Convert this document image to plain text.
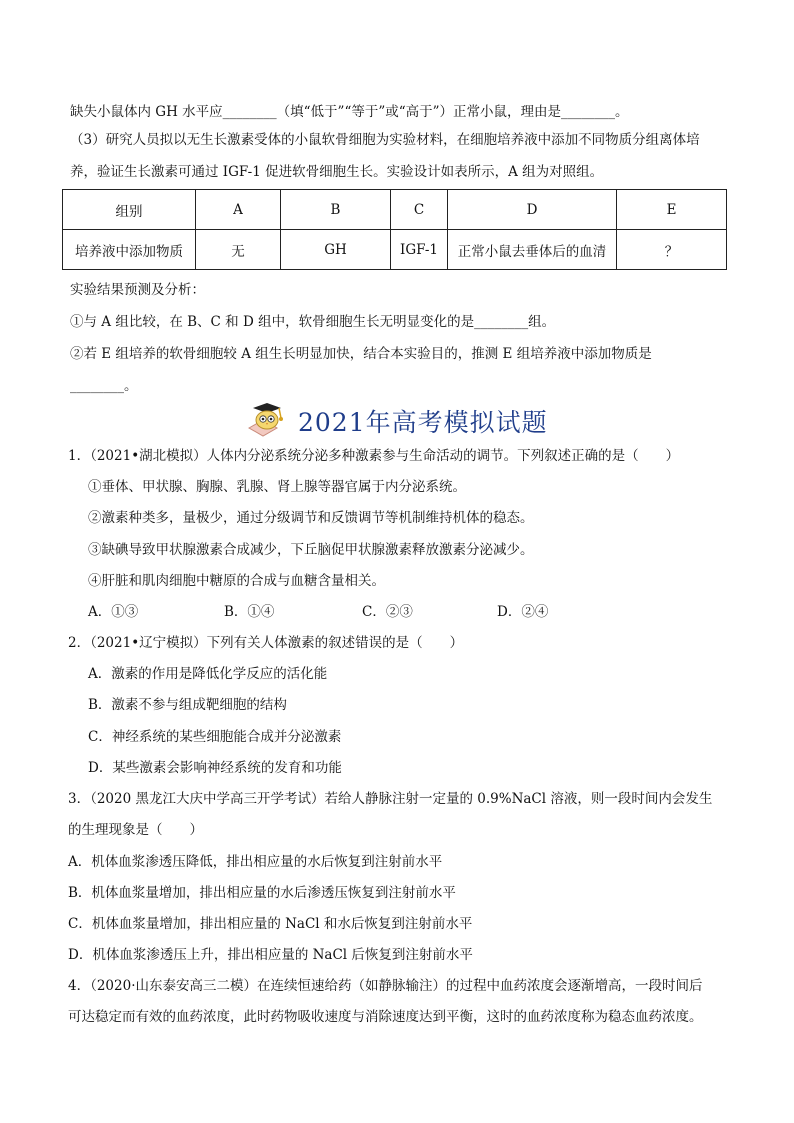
缺失小鼠体内 GH 水平应________（填“低于”“等于”或“高于”）正常小鼠，理由是________。
（3）研究人员拟以无生长激素受体的小鼠软骨细胞为实验材料，在细胞培养液中添加不同物质分组离体培
养，验证生长激素可通过 IGF-1 促进软骨细胞生长。实验设计如表所示，A 组为对照组。
组别	A	B	C	D	E
培养液中添加物质	无	GH	IGF-1	正常小鼠去垂体后的血清	？
实验结果预测及分析：
①与 A 组比较，在 B、C 和 D 组中，软骨细胞生长无明显变化的是________组。
②若 E 组培养的软骨细胞较 A 组生长明显加快，结合本实验目的，推测 E 组培养液中添加物质是
________。
2021年高考模拟试题
1．（2021•湖北模拟）人体内分泌系统分泌多种激素参与生命活动的调节。下列叙述正确的是（　　）
①垂体、甲状腺、胸腺、乳腺、肾上腺等器官属于内分泌系统。
②激素种类多，量极少，通过分级调节和反馈调节等机制维持机体的稳态。
③缺碘导致甲状腺激素合成减少，下丘脑促甲状腺激素释放激素分泌减少。
④肝脏和肌肉细胞中糖原的合成与血糖含量相关。
A．①③	B．①④	C．②③	D．②④
2．（2021•辽宁模拟）下列有关人体激素的叙述错误的是（　　）
A．激素的作用是降低化学反应的活化能
B．激素不参与组成靶细胞的结构
C．神经系统的某些细胞能合成并分泌激素
D．某些激素会影响神经系统的发育和功能
3．（2020 黑龙江大庆中学高三开学考试）若给人静脉注射一定量的 0.9%NaCl 溶液，则一段时间内会发生
的生理现象是（　　）
A．机体血浆渗透压降低，排出相应量的水后恢复到注射前水平
B．机体血浆量增加，排出相应量的水后渗透压恢复到注射前水平
C．机体血浆量增加，排出相应量的 NaCl 和水后恢复到注射前水平
D．机体血浆渗透压上升，排出相应量的 NaCl 后恢复到注射前水平
4．（2020·山东泰安高三二模）在连续恒速给药（如静脉输注）的过程中血药浓度会逐渐增高，一段时间后
可达稳定而有效的血药浓度，此时药物吸收速度与消除速度达到平衡，这时的血药浓度称为稳态血药浓度。
